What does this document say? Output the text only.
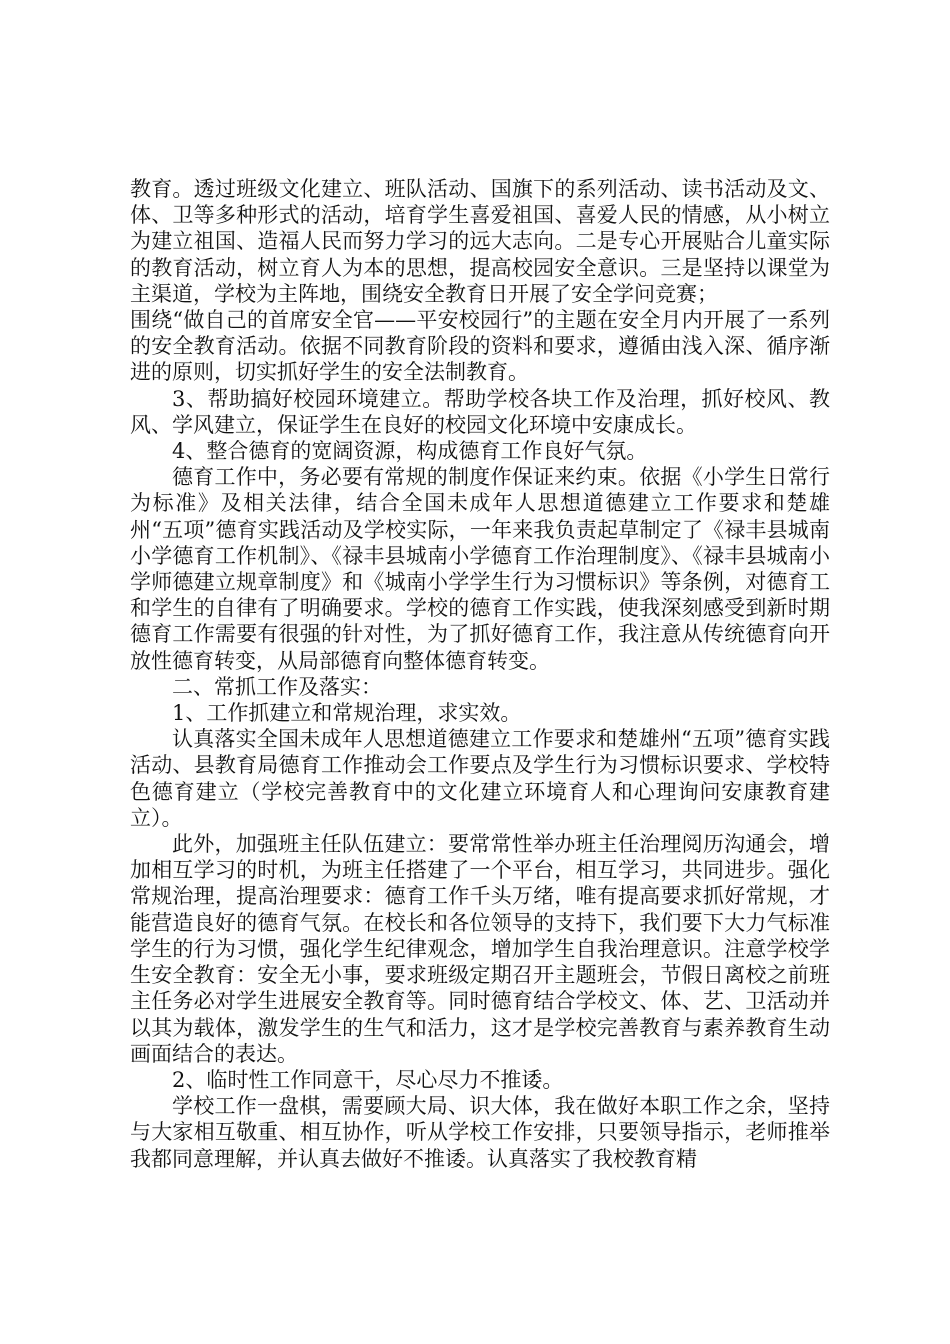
教育。透过班级文化建立、班队活动、国旗下的系列活动、读书活动及文、体、卫等多种形式的活动，培育学生喜爱祖国、喜爱人民的情感，从小树立为建立祖国、造福人民而努力学习的远大志向。二是专心开展贴合儿童实际的教育活动，树立育人为本的思想，提高校园安全意识。三是坚持以课堂为主渠道，学校为主阵地，围绕安全教育日开展了安全学问竞赛；

围绕“做自己的首席安全官——平安校园行”的主题在安全月内开展了一系列的安全教育活动。依据不同教育阶段的资料和要求，遵循由浅入深、循序渐进的原则，切实抓好学生的安全法制教育。

3、帮助搞好校园环境建立。帮助学校各块工作及治理，抓好校风、教风、学风建立，保证学生在良好的校园文化环境中安康成长。

4、整合德育的宽阔资源，构成德育工作良好气氛。

德育工作中，务必要有常规的制度作保证来约束。依据《小学生日常行为标准》及相关法律，结合全国未成年人思想道德建立工作要求和楚雄州“五项”德育实践活动及学校实际，一年来我负责起草制定了《禄丰县城南小学德育工作机制》、《禄丰县城南小学德育工作治理制度》、《禄丰县城南小学师德建立规章制度》和《城南小学学生行为习惯标识》等条例，对德育工和学生的自律有了明确要求。学校的德育工作实践，使我深刻感受到新时期德育工作需要有很强的针对性，为了抓好德育工作，我注意从传统德育向开放性德育转变，从局部德育向整体德育转变。

二、常抓工作及落实：

1、工作抓建立和常规治理，求实效。

认真落实全国未成年人思想道德建立工作要求和楚雄州“五项”德育实践活动、县教育局德育工作推动会工作要点及学生行为习惯标识要求、学校特色德育建立（学校完善教育中的文化建立环境育人和心理询问安康教育建立）。

此外，加强班主任队伍建立：要常常性举办班主任治理阅历沟通会，增加相互学习的时机，为班主任搭建了一个平台，相互学习，共同进步。强化常规治理，提高治理要求：德育工作千头万绪，唯有提高要求抓好常规，才能营造良好的德育气氛。在校长和各位领导的支持下，我们要下大力气标准学生的行为习惯，强化学生纪律观念，增加学生自我治理意识。注意学校学生安全教育：安全无小事，要求班级定期召开主题班会，节假日离校之前班主任务必对学生进展安全教育等。同时德育结合学校文、体、艺、卫活动并以其为载体，激发学生的生气和活力，这才是学校完善教育与素养教育生动画面结合的表达。

2、临时性工作同意干，尽心尽力不推诿。

学校工作一盘棋，需要顾大局、识大体，我在做好本职工作之余，坚持与大家相互敬重、相互协作，听从学校工作安排，只要领导指示，老师推举我都同意理解，并认真去做好不推诿。认真落实了我校教育精
